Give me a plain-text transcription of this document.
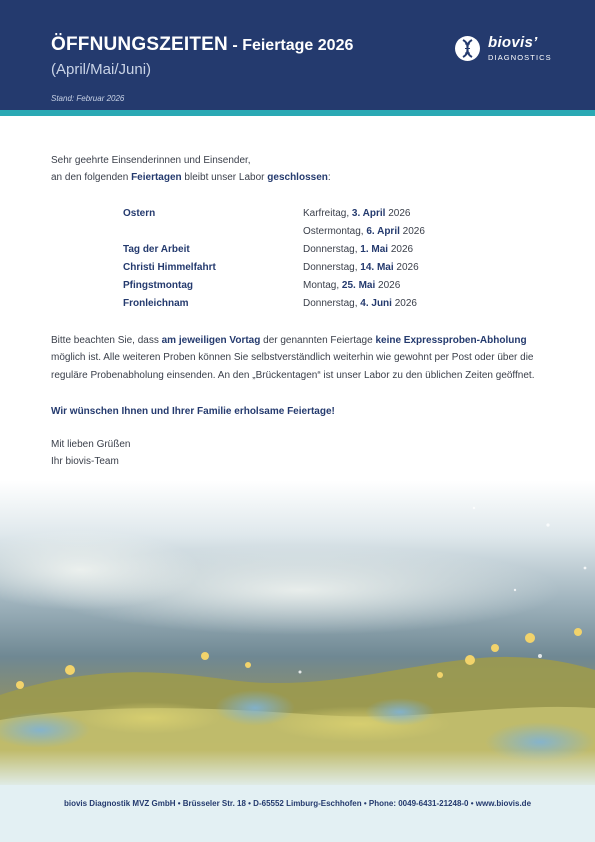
ÖFFNUNGSZEITEN - Feiertage 2026
(April/Mai/Juni)
Stand: Februar 2026
biovis’
DIAGNOSTICS
Sehr geehrte Einsenderinnen und Einsender,
an den folgenden Feiertagen bleibt unser Labor geschlossen:
Ostern	Karfreitag, 3. April 2026
Ostermontag, 6. April 2026
Tag der Arbeit	Donnerstag, 1. Mai 2026
Christi Himmelfahrt	Donnerstag, 14. Mai 2026
Pfingstmontag	Montag, 25. Mai 2026
Fronleichnam	Donnerstag, 4. Juni 2026
Bitte beachten Sie, dass am jeweiligen Vortag der genannten Feiertage keine Expressproben-Abholung
möglich ist. Alle weiteren Proben können Sie selbstverständlich weiterhin wie gewohnt per Post oder über die
reguläre Probenabholung einsenden. An den „Brückentagen“ ist unser Labor zu den üblichen Zeiten geöffnet.
Wir wünschen Ihnen und Ihrer Familie erholsame Feiertage!
Mit lieben Grüßen
Ihr biovis-Team
biovis Diagnostik MVZ GmbH • Brüsseler Str. 18 • D-65552 Limburg-Eschhofen • Phone: 0049-6431-21248-0 • www.biovis.de
